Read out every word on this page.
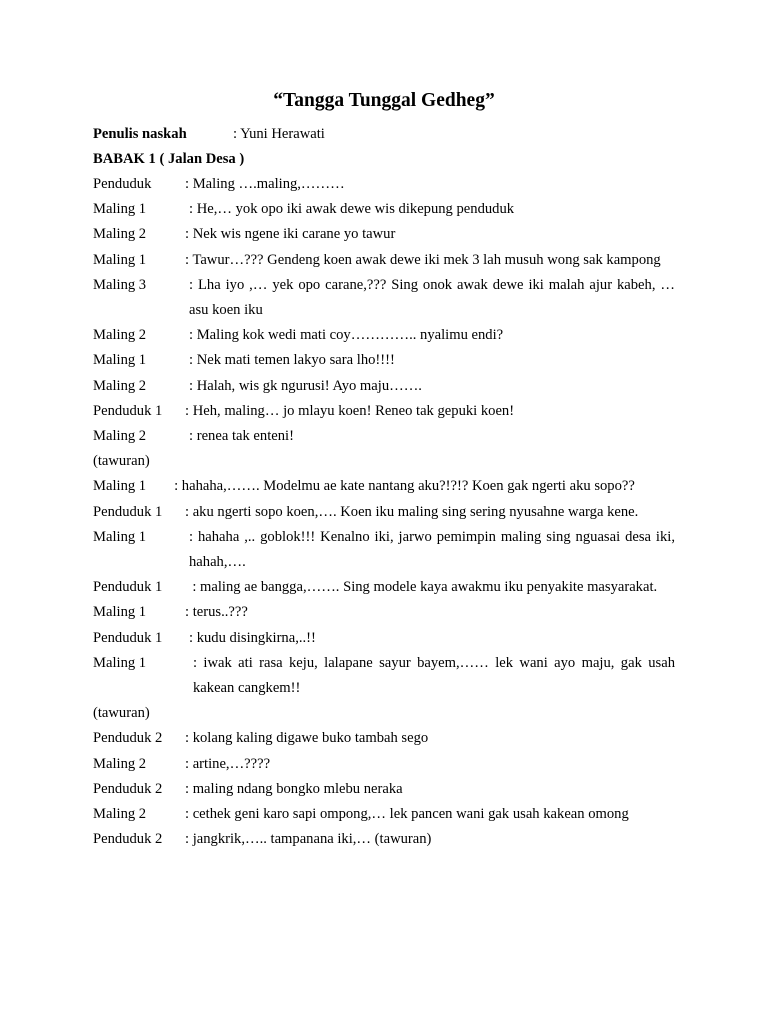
“Tangga Tunggal Gedheg”
Penulis naskah	: Yuni Herawati
BABAK 1 ( Jalan Desa )
Penduduk	: Maling ….maling,………
Maling 1	: He,… yok opo iki awak dewe wis dikepung penduduk
Maling 2	: Nek wis ngene iki carane yo tawur
Maling 1	: Tawur…??? Gendeng koen awak dewe iki mek 3 lah musuh wong sak kampong
Maling 3	: Lha iyo ,… yek opo carane,??? Sing onok awak dewe iki malah ajur kabeh, … asu koen iku
Maling 2	: Maling kok wedi mati coy………….. nyalimu endi?
Maling 1	: Nek mati temen lakyo sara lho!!!!
Maling 2	: Halah, wis gk ngurusi! Ayo maju…….
Penduduk 1	: Heh, maling… jo mlayu koen! Reneo tak gepuki koen!
Maling 2	: renea tak enteni!
(tawuran)
Maling 1 : hahaha,……. Modelmu ae kate nantang aku?!?!? Koen gak ngerti aku sopo??
Penduduk 1	: aku ngerti sopo koen,…. Koen iku maling sing sering nyusahne warga kene.
Maling 1	: hahaha ,.. goblok!!! Kenalno iki, jarwo pemimpin maling sing nguasai desa iki, hahah,….
Penduduk 1 : maling ae bangga,……. Sing modele kaya awakmu iku penyakite masyarakat.
Maling 1	: terus..???
Penduduk 1	: kudu disingkirna,..!!
Maling 1	: iwak ati rasa keju, lalapane sayur bayem,…… lek wani ayo maju, gak usah kakean cangkem!!
(tawuran)
Penduduk 2	: kolang kaling digawe buko tambah sego
Maling 2	: artine,…????
Penduduk 2	: maling ndang bongko mlebu neraka
Maling 2	: cethek geni karo sapi ompong,… lek pancen wani gak usah kakean omong
Penduduk 2	: jangkrik,….. tampanana iki,… (tawuran)
